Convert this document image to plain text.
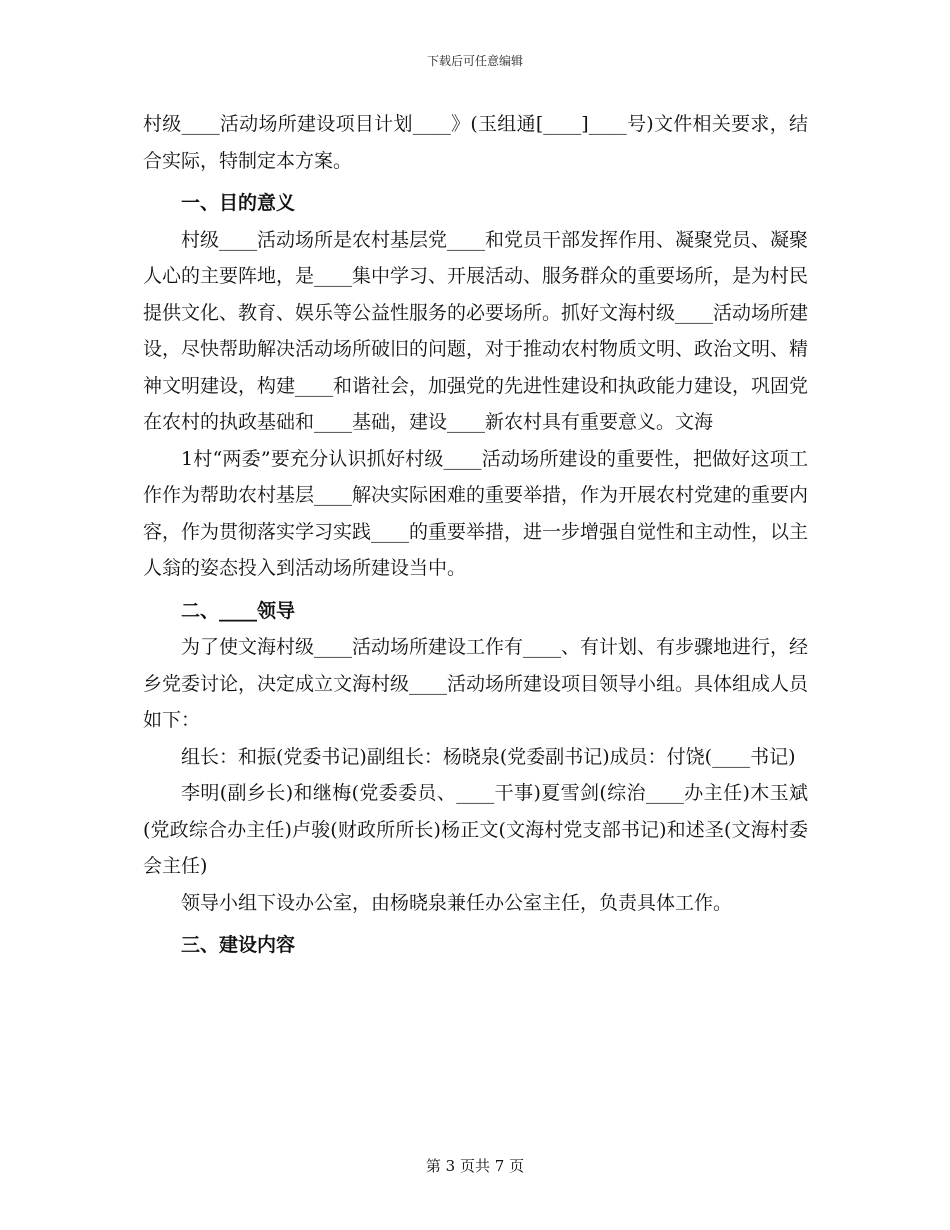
下载后可任意编辑

村级____活动场所建设项目计划____》(玉组通[____]____号)文件相关要求，结合实际，特制定本方案。

一、目的意义

村级____活动场所是农村基层党____和党员干部发挥作用、凝聚党员、凝聚人心的主要阵地，是____集中学习、开展活动、服务群众的重要场所，是为村民提供文化、教育、娱乐等公益性服务的必要场所。抓好文海村级____活动场所建设，尽快帮助解决活动场所破旧的问题，对于推动农村物质文明、政治文明、精神文明建设，构建____和谐社会，加强党的先进性建设和执政能力建设，巩固党在农村的执政基础和____基础，建设____新农村具有重要意义。文海

1村“两委”要充分认识抓好村级____活动场所建设的重要性，把做好这项工作作为帮助农村基层____解决实际困难的重要举措，作为开展农村党建的重要内容，作为贯彻落实学习实践____的重要举措，进一步增强自觉性和主动性，以主人翁的姿态投入到活动场所建设当中。

二、____领导

为了使文海村级____活动场所建设工作有____、有计划、有步骤地进行，经乡党委讨论，决定成立文海村级____活动场所建设项目领导小组。具体组成人员如下：

组长：和振(党委书记)副组长：杨晓泉(党委副书记)成员：付饶(____书记)

李明(副乡长)和继梅(党委委员、____干事)夏雪剑(综治____办主任)木玉斌(党政综合办主任)卢骏(财政所所长)杨正文(文海村党支部书记)和述圣(文海村委会主任)

领导小组下设办公室，由杨晓泉兼任办公室主任，负责具体工作。

三、建设内容

第 3 页共 7 页
